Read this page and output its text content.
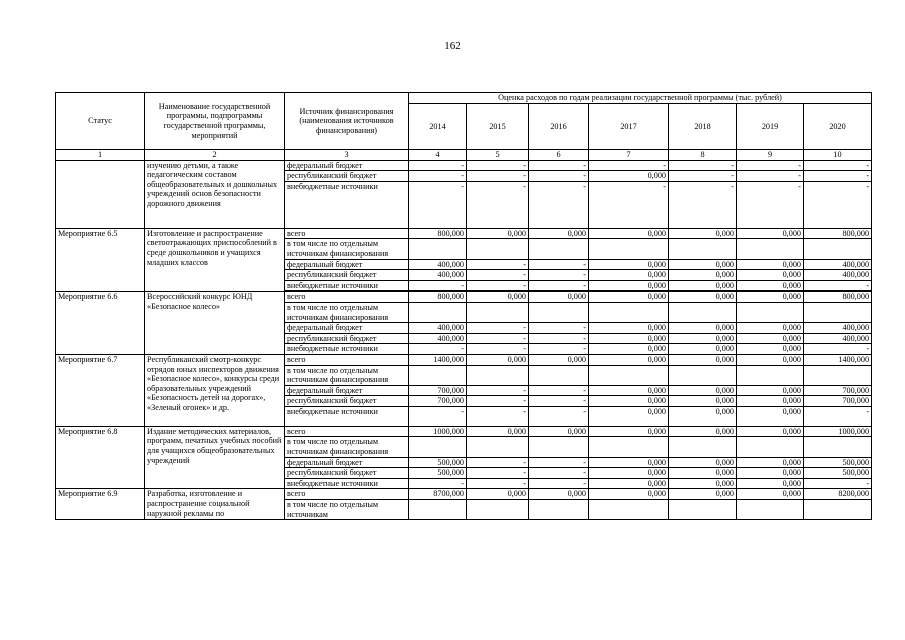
162
Статус	Наименование государственной программы, подпрограммы государственной программы, мероприятий	Источник финансирования (наименования источников финансирования)	Оценка расходов по годам реализации государственной программы (тыс. рублей)						
			2014	2015	2016	2017	2018	2019	2020
1	2	3	4	5	6	7	8	9	10
	изучению детьми, а также педагогическим составом общеобразовательных и дошкольных учреждений основ безопасности дорожного движения	федеральный бюджет	-	-	-	-	-	-	-
		республиканский бюджет	-	-	-	0,000	-	-	-
		внебюджетные источники	-	-	-	-	-	-	-
Мероприятие 6.5	Изготовление и распространение светоотражающих приспособлений в среде дошкольников и учащихся младших классов	всего	800,000	0,000	0,000	0,000	0,000	0,000	800,000
		в том числе по отдельным источникам финансирования							
		федеральный бюджет	400,000	-	-	0,000	0,000	0,000	400,000
		республиканский бюджет	400,000	-	-	0,000	0,000	0,000	400,000
		внебюджетные источники	-	-	-	0,000	0,000	0,000	-

Мероприятие 6.6	Всероссийский конкурс ЮНД «Безопасное колесо»	всего	800,000	0,000	0,000	0,000	0,000	0,000	800,000
		в том числе по отдельным источникам финансирования							
		федеральный бюджет	400,000	-	-	0,000	0,000	0,000	400,000
		республиканский бюджет	400,000	-	-	0,000	0,000	0,000	400,000
		внебюджетные источники	-	-	-	0,000	0,000	0,000	-
Мероприятие 6.7	Республиканский смотр-конкурс отрядов юных инспекторов движения «Безопасное колесо», конкурсы среди образовательных учреждений «Безопасность детей на дорогах», «Зеленый огонек» и др.	всего	1400,000	0,000	0,000	0,000	0,000	0,000	1400,000
		в том числе по отдельным источникам финансирования							
		федеральный бюджет	700,000	-	-	0,000	0,000	0,000	700,000
		республиканский бюджет	700,000	-	-	0,000	0,000	0,000	700,000
		внебюджетные источники	-	-	-	0,000	0,000	0,000	-
Мероприятие 6.8	Издание методических материалов, программ, печатных учебных пособий для учащихся общеобразовательных учреждений	всего	1000,000	0,000	0,000	0,000	0,000	0,000	1000,000
		в том числе по отдельным источникам финансирования							
		федеральный бюджет	500,000	-	-	0,000	0,000	0,000	500,000
		республиканский бюджет	500,000	-	-	0,000	0,000	0,000	500,000
		внебюджетные источники	-	-	-	0,000	0,000	0,000	-
Мероприятие 6.9	Разработка, изготовление и распространение социальной наружной рекламы по	всего	8700,000	0,000	0,000	0,000	0,000	0,000	8200,000
		в том числе по отдельным источникам							
